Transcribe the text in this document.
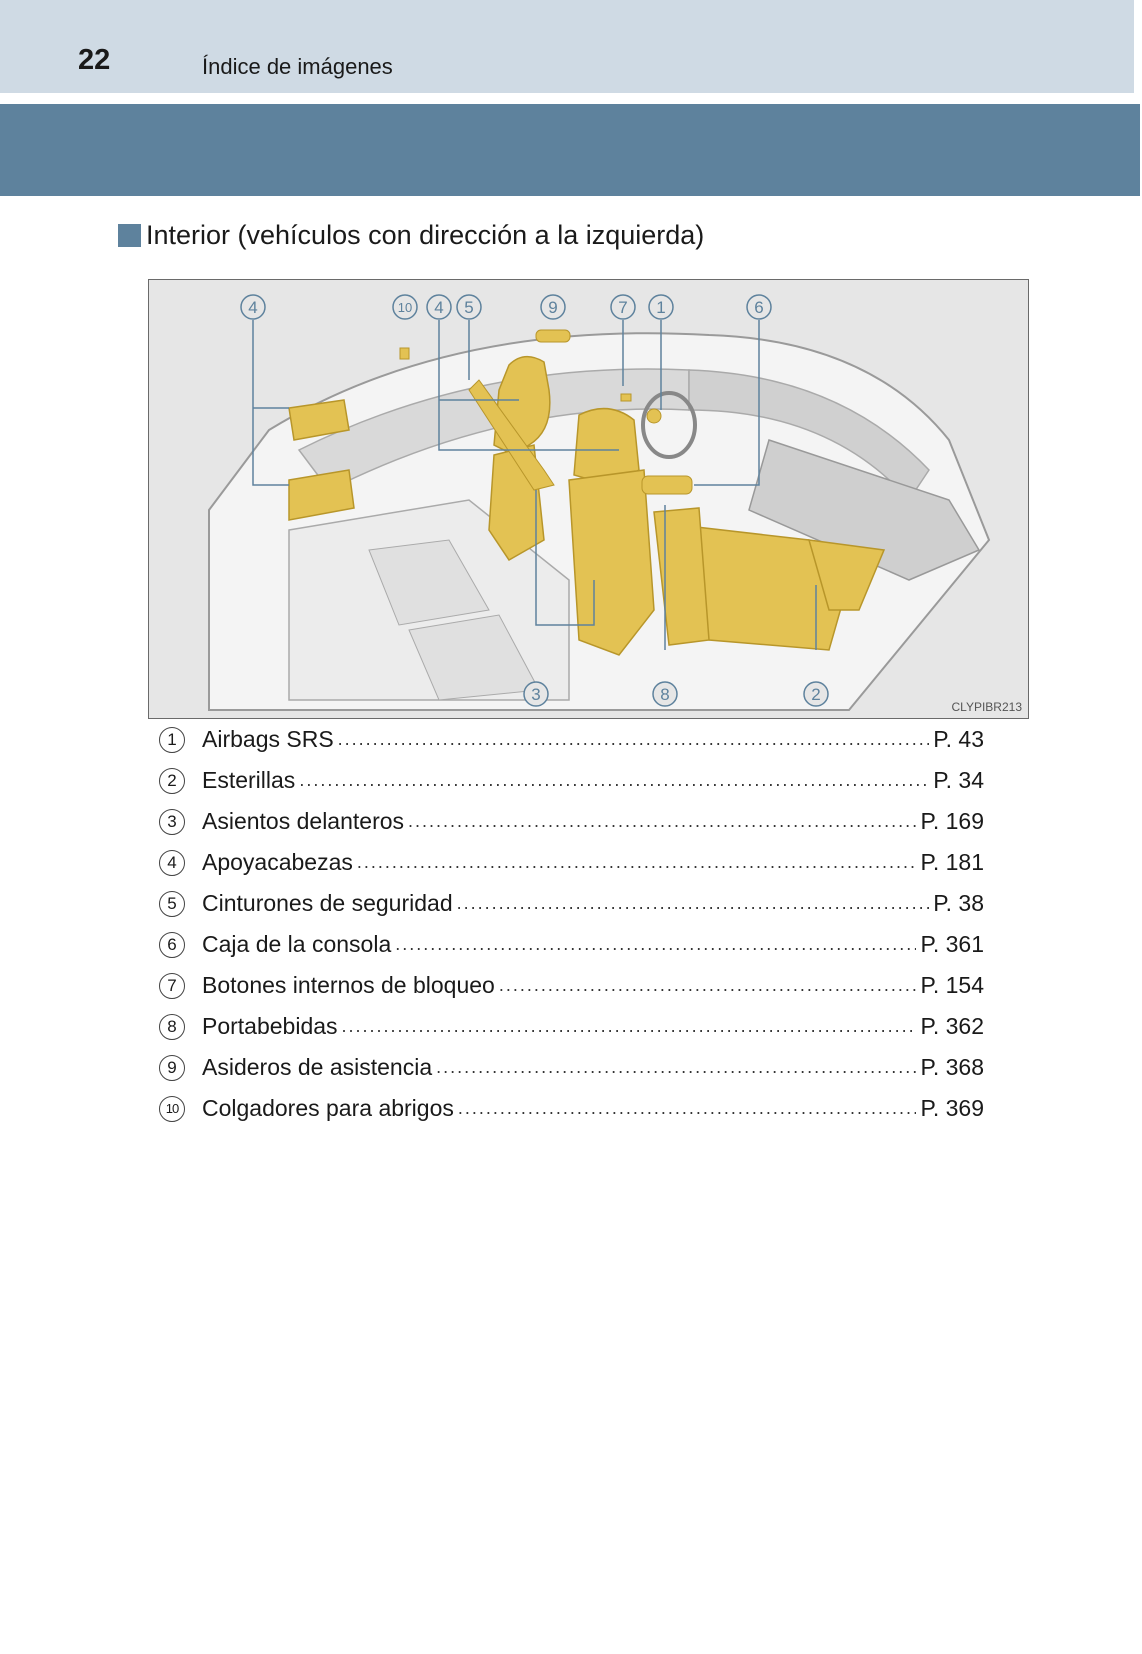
22	Índice de imágenes
Interior (vehículos con dirección a la izquierda)
4	10 4 5	9	7 1	6
3	8	2
CLYPIBR213
1	Airbags SRS .....	P. 43
2	Esterillas .....	P. 34
3	Asientos delanteros .....	P. 169
4	Apoyacabezas .....	P. 181
5	Cinturones de seguridad .....	P. 38
6	Caja de la consola .....	P. 361
7	Botones internos de bloqueo .....	P. 154
8	Portabebidas .....	P. 362
9	Asideros de asistencia .....	P. 368
10 Colgadores para abrigos .....	P. 369
